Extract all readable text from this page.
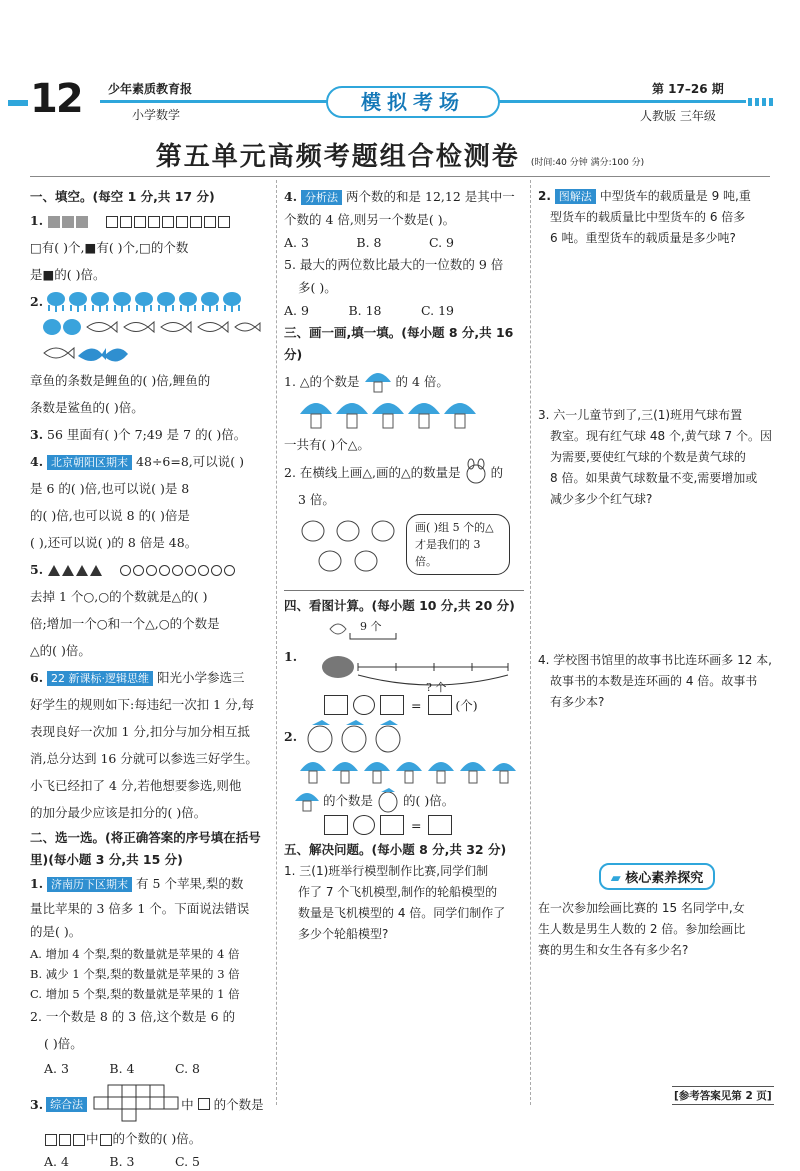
12 少年素质教育报
小学数学
模拟考场
第 17–26 期
人教版 三年级
第五单元高频考题组合检测卷 (时间:40 分钟 满分:100 分)
一、填空。(每空 1 分,共 17 分)
1.
□有( )个,■有( )个,□的个数
是■的( )倍。
2.
章鱼的条数是鲤鱼的( )倍,鲤鱼的
条数是鲨鱼的( )倍。
3. 56 里面有( )个 7;49 是 7 的( )倍。
4. 北京朝阳区期末 48÷6=8,可以说( )
是 6 的( )倍,也可以说( )是 8
的( )倍,也可以说 8 的( )倍是
( ),还可以说( )的 8 倍是 48。
5.
去掉 1 个○,○的个数就是△的( )
倍;增加一个○和一个△,○的个数是
△的( )倍。
6. 22 新课标·逻辑思维 阳光小学参选三
好学生的规则如下:每违纪一次扣 1 分,每
表现良好一次加 1 分,扣分与加分相互抵
消,总分达到 16 分就可以参选三好学生。
小飞已经扣了 4 分,若他想要参选,则他
的加分最少应该是扣分的( )倍。
二、选一选。(将正确答案的序号填在括号里)(每小题 3 分,共 15 分)
1. 济南历下区期末 有 5 个苹果,梨的数
量比苹果的 3 倍多 1 个。下面说法错误
的是( )。
A. 增加 4 个梨,梨的数量就是苹果的 4 倍
B. 减少 1 个梨,梨的数量就是苹果的 3 倍
C. 增加 5 个梨,梨的数量就是苹果的 1 倍
2. 一个数是 8 的 3 倍,这个数是 6 的
( )倍。
A. 3	B. 4	C. 8
3. 综合法	中 的个数是
中 的个数的( )倍。
A. 4	B. 3	C. 5
4. 分析法 两个数的和是 12,12 是其中一
个数的 4 倍,则另一个数是( )。
A. 3	B. 8	C. 9
5. 最大的两位数比最大的一位数的 9 倍
多( )。
A. 9	B. 18	C. 19
三、画一画,填一填。(每小题 8 分,共 16 分)
1. △的个数是	的 4 倍。
一共有( )个△。
2. 在横线上画△,画的△的数量是 的
3 倍。
画( )组 5 个的△才是我们的 3 倍。
四、看图计算。(每小题 10 分,共 20 分)
1.
9 个
? 个
= (个)
2.
的个数是 的( )倍。
=
五、解决问题。(每小题 8 分,共 32 分)
1. 三(1)班举行模型制作比赛,同学们制
作了 7 个飞机模型,制作的轮船模型的
数量是飞机模型的 4 倍。同学们制作了
多少个轮船模型?
2. 图解法 中型货车的载质量是 9 吨,重
型货车的载质量比中型货车的 6 倍多
6 吨。重型货车的载质量是多少吨?
3. 六一儿童节到了,三(1)班用气球布置
教室。现有红气球 48 个,黄气球 7 个。因
为需要,要使红气球的个数是黄气球的
8 倍。如果黄气球数量不变,需要增加或
减少多少个红气球?
4. 学校图书馆里的故事书比连环画多 12 本,
故事书的本数是连环画的 4 倍。故事书
有多少本?
▰ 核心素养探究
在一次参加绘画比赛的 15 名同学中,女
生人数是男生人数的 2 倍。参加绘画比
赛的男生和女生各有多少名?
[参考答案见第 2 页]
